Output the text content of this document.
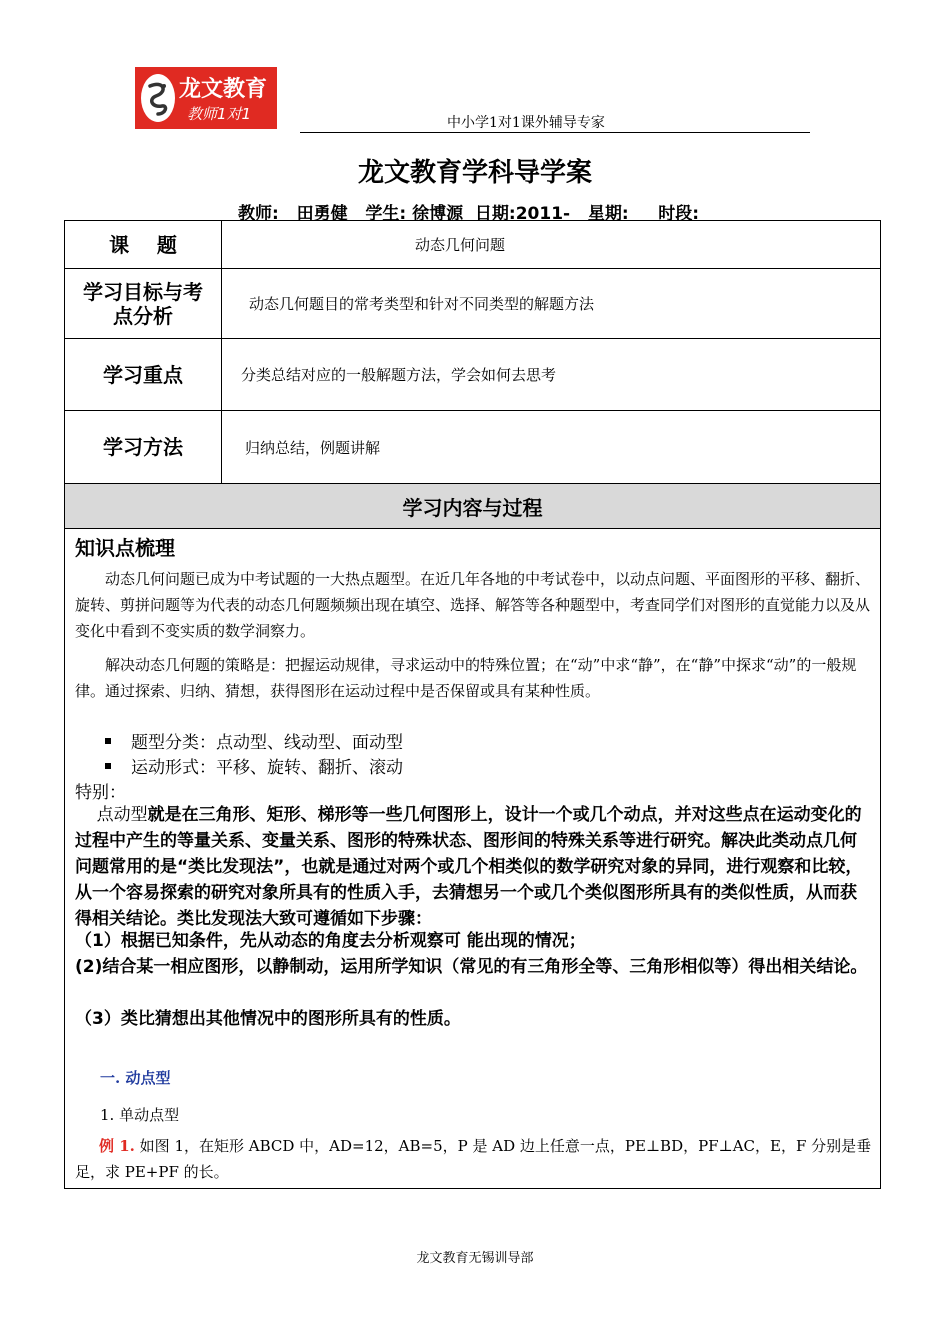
龙文教育
教师1对1	中小学1对1课外辅导专家
龙文教育学科导学案
教师: 田勇健 学生: 徐博源 日期:2011- 星期: 时段:
课    题	动态几何问题
学习目标与考点分析	动态几何题目的常考类型和针对不同类型的解题方法
学习重点	分类总结对应的一般解题方法，学会如何去思考
学习方法	归纳总结，例题讲解
学习内容与过程
知识点梳理
动态几何问题已成为中考试题的一大热点题型。在近几年各地的中考试卷中，以动点问题、平面图形的平移、翻折、旋转、剪拼问题等为代表的动态几何题频频出现在填空、选择、解答等各种题型中，考查同学们对图形的直觉能力以及从变化中看到不变实质的数学洞察力。
解决动态几何题的策略是：把握运动规律，寻求运动中的特殊位置；在“动”中求“静”，在“静”中探求“动”的一般规律。通过探索、归纳、猜想，获得图形在运动过程中是否保留或具有某种性质。
题型分类：点动型、线动型、面动型
运动形式：平移、旋转、翻折、滚动
特别：
点动型就是在三角形、矩形、梯形等一些几何图形上，设计一个或几个动点，并对这些点在运动变化的过程中产生的等量关系、变量关系、图形的特殊状态、图形间的特殊关系等进行研究。解决此类动点几何问题常用的是“类比发现法”，也就是通过对两个或几个相类似的数学研究对象的异同，进行观察和比较，从一个容易探索的研究对象所具有的性质入手，去猜想另一个或几个类似图形所具有的类似性质，从而获得相关结论。类比发现法大致可遵循如下步骤：
（1）根据已知条件，先从动态的角度去分析观察可 能出现的情况；
(2)结合某一相应图形，以静制动，运用所学知识（常见的有三角形全等、三角形相似等）得出相关结论。
（3）类比猜想出其他情况中的图形所具有的性质。
一. 动点型
1. 单动点型
例 1. 如图 1，在矩形 ABCD 中，AD=12，AB=5，P 是 AD 边上任意一点，PE⊥BD，PF⊥AC，E，F 分别是垂足，求 PE+PF 的长。
龙文教育无锡训导部
